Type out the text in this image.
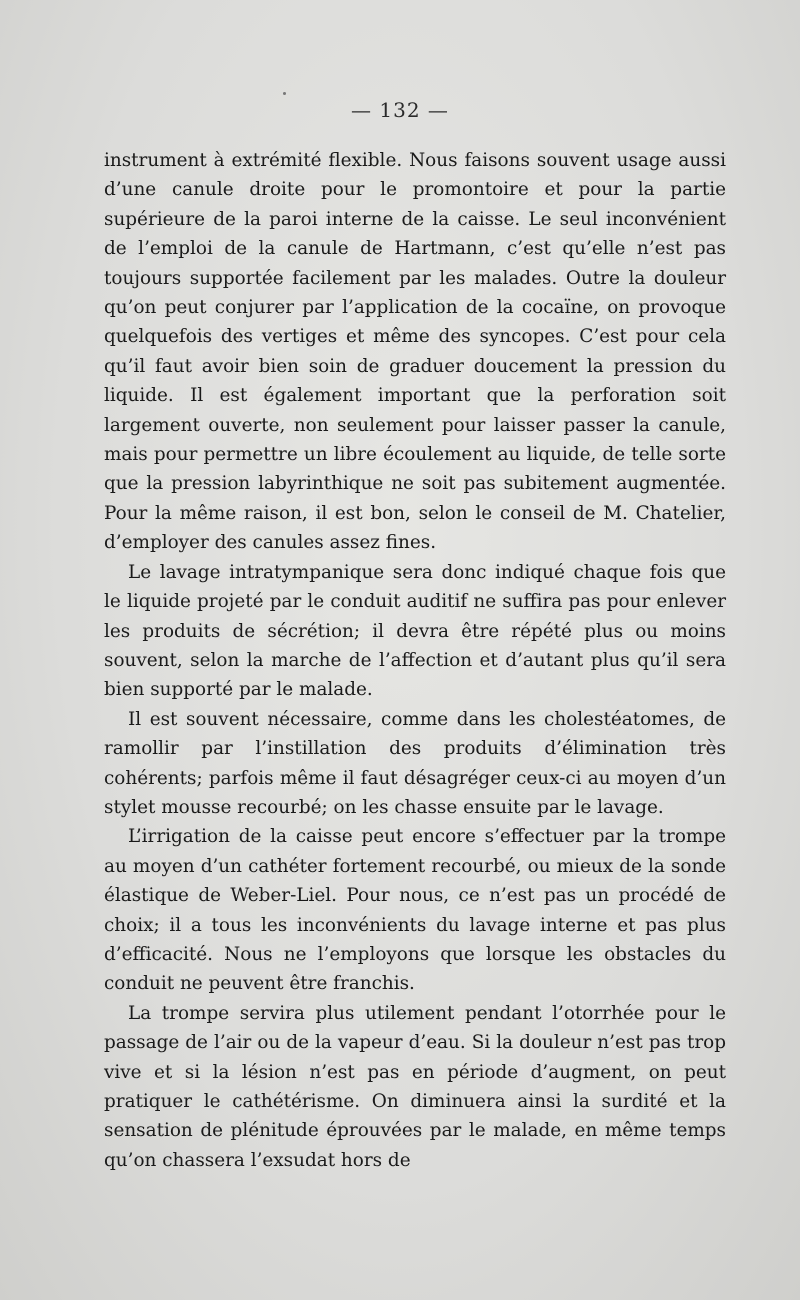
— 132 —

instrument à extrémité flexible. Nous faisons souvent usage aussi d’une canule droite pour le promontoire et pour la partie supérieure de la paroi interne de la caisse. Le seul inconvénient de l’emploi de la canule de Hartmann, c’est qu’elle n’est pas toujours supportée facilement par les malades. Outre la douleur qu’on peut conjurer par l’application de la cocaïne, on provoque quelquefois des vertiges et même des syncopes. C’est pour cela qu’il faut avoir bien soin de graduer doucement la pression du liquide. Il est également important que la perforation soit largement ouverte, non seulement pour laisser passer la canule, mais pour permettre un libre écoulement au liquide, de telle sorte que la pression labyrinthique ne soit pas subitement augmentée. Pour la même raison, il est bon, selon le conseil de M. Chatelier, d’employer des canules assez fines.

Le lavage intratympanique sera donc indiqué chaque fois que le liquide projeté par le conduit auditif ne suffira pas pour enlever les produits de sécrétion; il devra être répété plus ou moins souvent, selon la marche de l’affection et d’autant plus qu’il sera bien supporté par le malade.

Il est souvent nécessaire, comme dans les cholestéatomes, de ramollir par l’instillation des produits d’élimination très cohérents; parfois même il faut désagréger ceux-ci au moyen d’un stylet mousse recourbé; on les chasse ensuite par le lavage.

L’irrigation de la caisse peut encore s’effectuer par la trompe au moyen d’un cathéter fortement recourbé, ou mieux de la sonde élastique de Weber-Liel. Pour nous, ce n’est pas un procédé de choix; il a tous les inconvénients du lavage interne et pas plus d’efficacité. Nous ne l’employons que lorsque les obstacles du conduit ne peuvent être franchis.

La trompe servira plus utilement pendant l’otorrhée pour le passage de l’air ou de la vapeur d’eau. Si la douleur n’est pas trop vive et si la lésion n’est pas en période d’augment, on peut pratiquer le cathétérisme. On diminuera ainsi la surdité et la sensation de plénitude éprouvées par le malade, en même temps qu’on chassera l’exsudat hors de
